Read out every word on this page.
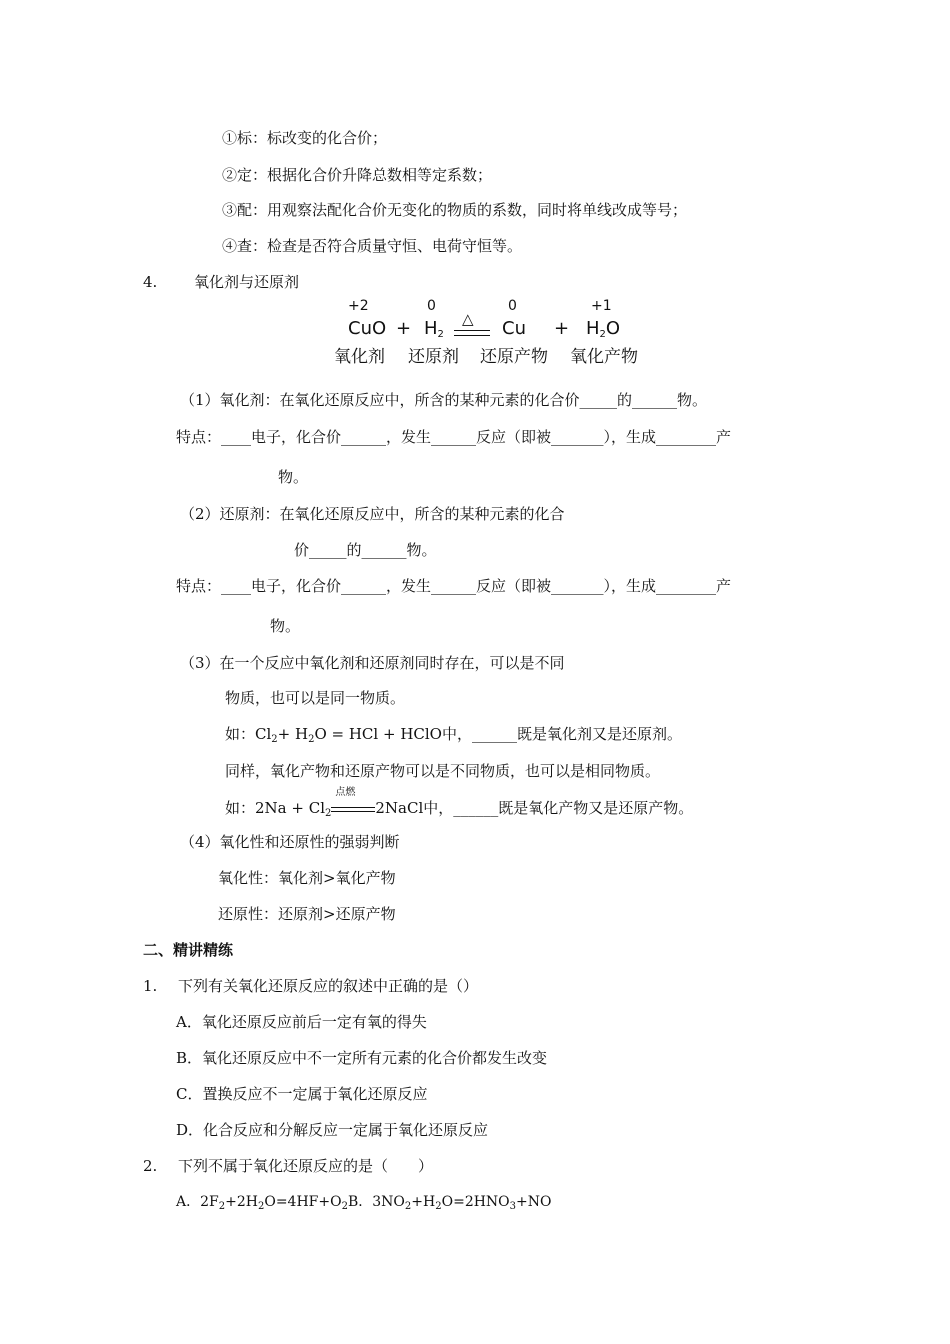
①标：标改变的化合价；
②定：根据化合价升降总数相等定系数；
③配：用观察法配化合价无变化的物质的系数，同时将单线改成等号；
④查：检查是否符合质量守恒、电荷守恒等。
4. 氧化剂与还原剂
+2	0	0	+1
CuO + $H_2$
△ $Cu + H_2O$
氧化剂 还原剂 还原产物 氧化产物
（1）氧化剂：在氧化还原反应中，所含的某种元素的化合价_____的______物。
特点：____电子，化合价______，发生______反应（即被_______），生成________产
物。
（2）还原剂：在氧化还原反应中，所含的某种元素的化合
价_____的______物。
特点：____电子，化合价______，发生______反应（即被_______），生成________产
物。
（3）在一个反应中氧化剂和还原剂同时存在，可以是不同
物质，也可以是同一物质。
如：$Cl_2+ H_2O$ = HCl + HClO中，______既是氧化剂又是还原剂。
同样，氧化产物和还原产物可以是不同物质，也可以是相同物质。
如：$2Na + Cl_2$
点燃
2NaCl中，______既是氧化产物又是还原产物。
（4）氧化性和还原性的强弱判断
氧化性：氧化剂>氧化产物
还原性：还原剂>还原产物
二、精讲精练
1. 下列有关氧化还原反应的叙述中正确的是（）
A．氧化还原反应前后一定有氧的得失
B．氧化还原反应中不一定所有元素的化合价都发生改变
C．置换反应不一定属于氧化还原反应
D．化合反应和分解反应一定属于氧化还原反应
2. 下列不属于氧化还原反应的是（　　）
A．$2F_2+2H_2O=4HF+O_2B$．$3NO_2+H_2O=2HNO_3+NO$
